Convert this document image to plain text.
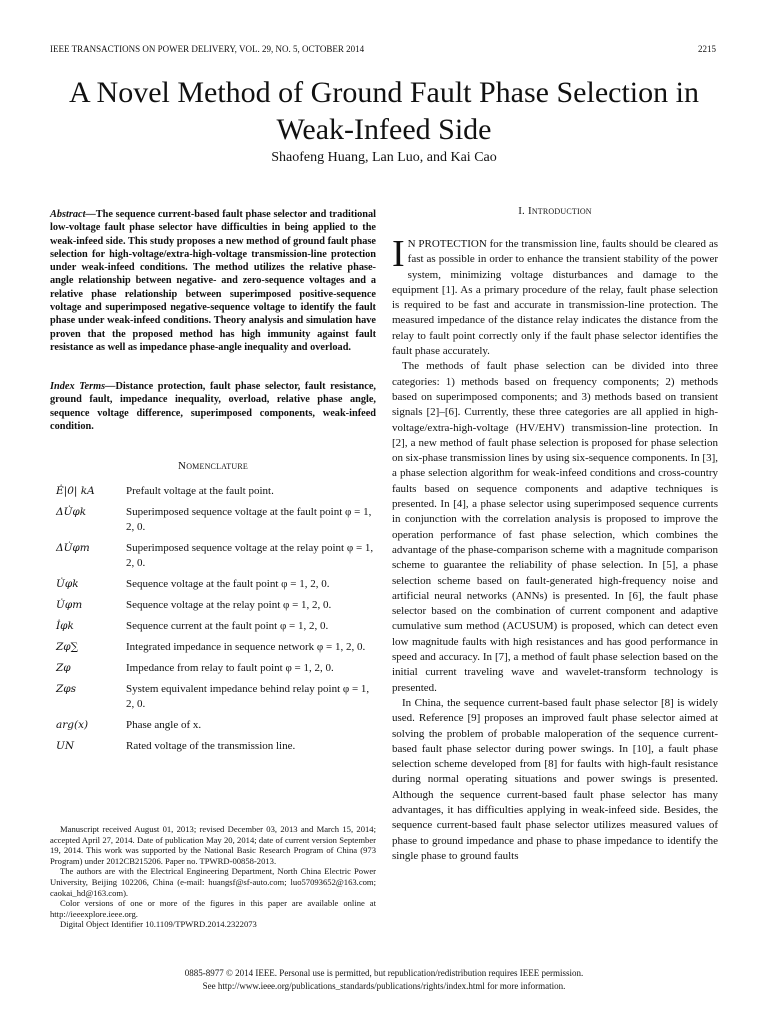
IEEE TRANSACTIONS ON POWER DELIVERY, VOL. 29, NO. 5, OCTOBER 2014	2215
A Novel Method of Ground Fault Phase Selection in Weak-Infeed Side
Shaofeng Huang, Lan Luo, and Kai Cao
Abstract—The sequence current-based fault phase selector and traditional low-voltage fault phase selector have difficulties in being applied to the weak-infeed side. This study proposes a new method of ground fault phase selection for high-voltage/extra-high-voltage transmission-line protection under weak-infeed conditions. The method utilizes the relative phase-angle relationship between negative- and zero-sequence voltages and a relative phase relationship between superimposed positive-sequence voltage and superimposed negative-sequence voltage to identify the fault phase under weak-infeed conditions. Theory analysis and simulation have proven that the proposed method has high immunity against fault resistance as well as impedance phase-angle inequality and overload.
Index Terms—Distance protection, fault phase selector, fault resistance, ground fault, impedance inequality, overload, relative phase angle, sequence voltage difference, superimposed components, weak-infeed condition.
Nomenclature
Ė|0| kA	Prefault voltage at the fault point.
ΔU̇φk	Superimposed sequence voltage at the fault point φ = 1, 2, 0.
ΔU̇φm	Superimposed sequence voltage at the relay point φ = 1, 2, 0.
U̇φk	Sequence voltage at the fault point φ = 1, 2, 0.
U̇φm	Sequence voltage at the relay point φ = 1, 2, 0.
İφk	Sequence current at the fault point φ = 1, 2, 0.
Zφ∑	Integrated impedance in sequence network φ = 1, 2, 0.
Zφ	Impedance from relay to fault point φ = 1, 2, 0.
Zφs	System equivalent impedance behind relay point φ = 1, 2, 0.
arg(x)	Phase angle of x.
UN	Rated voltage of the transmission line.

Manuscript received August 01, 2013; revised December 03, 2013 and March 15, 2014; accepted April 27, 2014. Date of publication May 20, 2014; date of current version September 19, 2014. This work was supported by the National Basic Research Program of China (973 Program) under 2012CB215206. Paper no. TPWRD-00858-2013.

The authors are with the Electrical Engineering Department, North China Electric Power University, Beijing 102206, China (e-mail: huangsf@sf-auto.com; luo57093652@163.com; caokai_hd@163.com).

Color versions of one or more of the figures in this paper are available online at http://ieeexplore.ieee.org.

Digital Object Identifier 10.1109/TPWRD.2014.2322073

I. Introduction

I N PROTECTION for the transmission line, faults should be cleared as fast as possible in order to enhance the transient stability of the power system, minimizing voltage disturbances and damage to the equipment [1]. As a primary procedure of the relay, fault phase selection is required to be fast and accurate in transmission-line protection. The measured impedance of the distance relay indicates the distance from the relay to fault point correctly only if the fault phase selector identifies the fault phase accurately.

The methods of fault phase selection can be divided into three categories: 1) methods based on frequency components; 2) methods based on superimposed components; and 3) methods based on transient signals [2]–[6]. Currently, these three categories are all applied in high-voltage/extra-high-voltage (HV/EHV) transmission-line protection. In [2], a new method of fault phase selection is proposed for phase selection on six-phase transmission lines by using six-sequence components. In [3], a phase selection algorithm for weak-infeed conditions and cross-country faults based on sequence components and adaptive techniques is presented. In [4], a phase selector using superimposed sequence currents in conjunction with the correlation analysis is proposed to improve the operation performance of fast phase selection, which combines the advantage of the phase-comparison scheme with a magnitude comparison scheme to guarantee the reliability of phase selection. In [5], a phase selection scheme based on fault-generated high-frequency noise and artificial neural networks (ANNs) is presented. In [6], the fault phase selector based on the combination of current component and adaptive cumulative sum method (ACUSUM) is proposed, which can detect even low magnitude faults with high resistances and has good performance in speed and accuracy. In [7], a method of fault phase selection based on the initial current traveling wave and wavelet-transform technology is presented.

In China, the sequence current-based fault phase selector [8] is widely used. Reference [9] proposes an improved fault phase selector aimed at solving the problem of probable maloperation of the sequence current-based fault phase selector during power swings. In [10], a fault phase selection scheme developed from [8] for faults with high-fault resistance during normal operating situations and power swings is presented. Although the sequence current-based fault phase selector has many advantages, it has difficulties applying in weak-infeed side. Besides, the sequence current-based fault phase selector utilizes measured values of phase to ground impedance and phase to phase impedance to identify the single phase to ground faults

0885-8977 © 2014 IEEE. Personal use is permitted, but republication/redistribution requires IEEE permission.
See http://www.ieee.org/publications_standards/publications/rights/index.html for more information.
